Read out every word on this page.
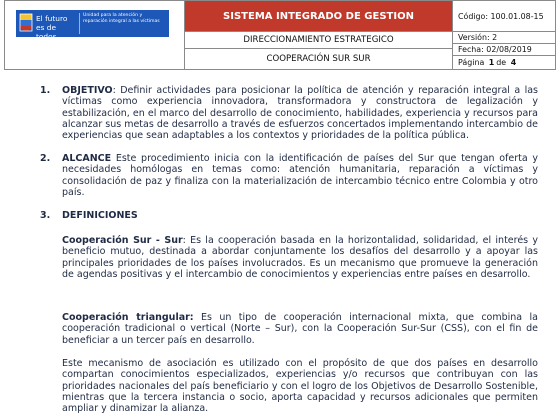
El futuro es de todos
Unidad para la atención y reparación integral a las víctimas	SISTEMA INTEGRADO DE GESTION
DIRECCIONAMIENTO ESTRATEGICO
COOPERACIÓN SUR SUR
Código: 100.01.08-15
Versión: 2
Fecha: 02/08/2019
Página
1 de
4
1. OBJETIVO: Definir actividades para posicionar la política de atención y reparación integral a las víctimas como experiencia innovadora, transformadora y constructora de legalización y estabilización, en el marco del desarrollo de conocimiento, habilidades, experiencia y recursos para alcanzar sus metas de desarrollo a través de esfuerzos concertados implementando intercambio de experiencias que sean adaptables a los contextos y prioridades de la política pública.

2. ALCANCE Este procedimiento inicia con la identificación de países del Sur que tengan oferta y necesidades homólogas en temas como: atención humanitaria, reparación a víctimas y consolidación de paz y finaliza con la materialización de intercambio técnico entre Colombia y otro país.

3. DEFINICIONES

Cooperación Sur - Sur: Es la cooperación basada en la horizontalidad, solidaridad, el interés y beneficio mutuo, destinada a abordar conjuntamente los desafíos del desarrollo y a apoyar las principales prioridades de los países involucrados. Es un mecanismo que promueve la generación de agendas positivas y el intercambio de conocimientos y experiencias entre países en desarrollo.

Cooperación triangular: Es un tipo de cooperación internacional mixta, que combina la cooperación tradicional o vertical (Norte – Sur), con la Cooperación Sur-Sur (CSS), con el fin de beneficiar a un tercer país en desarrollo.

Este mecanismo de asociación es utilizado con el propósito de que dos países en desarrollo compartan conocimientos especializados, experiencias y/o recursos que contribuyan con las prioridades nacionales del país beneficiario y con el logro de los Objetivos de Desarrollo Sostenible, mientras que la tercera instancia o socio, aporta capacidad y recursos adicionales que permiten ampliar y dinamizar la alianza.
